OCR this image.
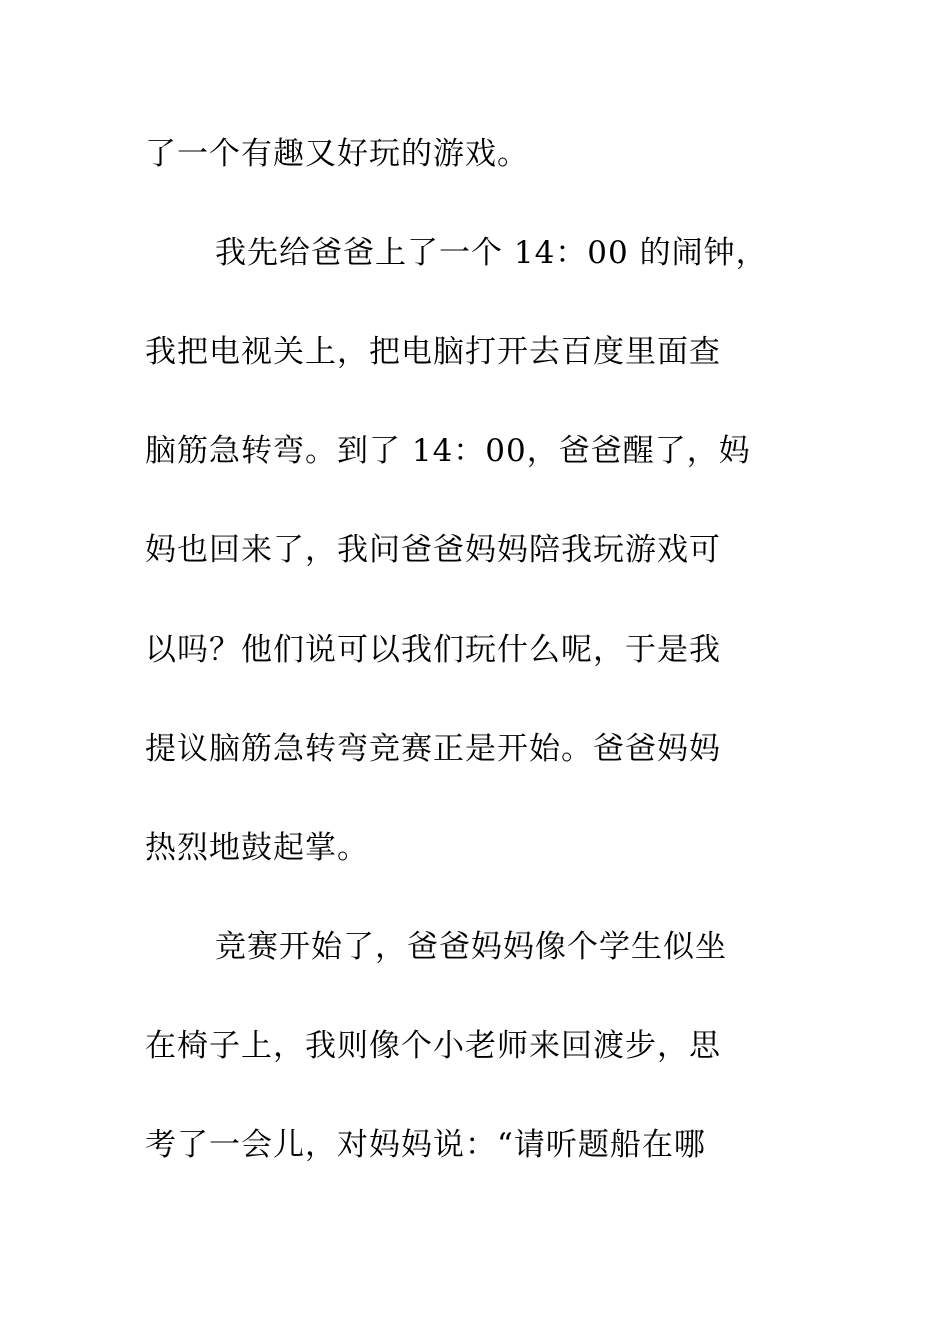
了一个有趣又好玩的游戏。
我先给爸爸上了一个 14：00 的闹钟，
我把电视关上，把电脑打开去百度里面查
脑筋急转弯。到了 14：00，爸爸醒了，妈
妈也回来了，我问爸爸妈妈陪我玩游戏可
以吗？他们说可以我们玩什么呢，于是我
提议脑筋急转弯竞赛正是开始。爸爸妈妈
热烈地鼓起掌。
竞赛开始了，爸爸妈妈像个学生似坐
在椅子上，我则像个小老师来回渡步，思
考了一会儿，对妈妈说：“请听题船在哪
